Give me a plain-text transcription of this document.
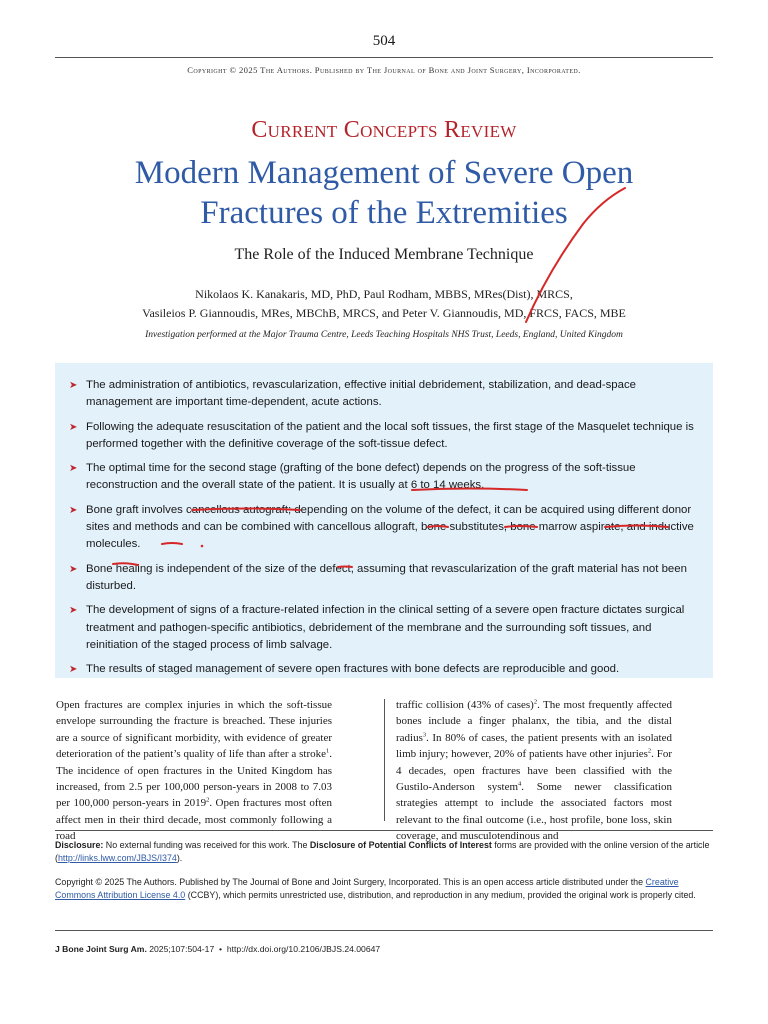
504
Copyright © 2025 The Authors. Published by The Journal of Bone and Joint Surgery, Incorporated.
Current Concepts Review
Modern Management of Severe Open
Fractures of the Extremities
The Role of the Induced Membrane Technique
Nikolaos K. Kanakaris, MD, PhD, Paul Rodham, MBBS, MRes(Dist), MRCS,
Vasileios P. Giannoudis, MRes, MBChB, MRCS, and Peter V. Giannoudis, MD, FRCS, FACS, MBE
Investigation performed at the Major Trauma Centre, Leeds Teaching Hospitals NHS Trust, Leeds, England, United Kingdom
➤ The administration of antibiotics, revascularization, effective initial debridement, stabilization, and dead-space management are important time-dependent, acute actions.
➤ Following the adequate resuscitation of the patient and the local soft tissues, the first stage of the Masquelet technique is performed together with the definitive coverage of the soft-tissue defect.
➤ The optimal time for the second stage (grafting of the bone defect) depends on the progress of the soft-tissue reconstruction and the overall state of the patient. It is usually at 6 to 14 weeks.
➤ Bone graft involves cancellous autograft; depending on the volume of the defect, it can be acquired using different donor sites and methods and can be combined with cancellous allograft, bone substitutes, bone marrow aspirate, and inductive molecules.
➤ Bone healing is independent of the size of the defect, assuming that revascularization of the graft material has not been disturbed.
➤ The development of signs of a fracture-related infection in the clinical setting of a severe open fracture dictates surgical treatment and pathogen-specific antibiotics, debridement of the membrane and the surrounding soft tissues, and reinitiation of the staged process of limb salvage.
➤ The results of staged management of severe open fractures with bone defects are reproducible and good.
Open fractures are complex injuries in which the soft-tissue envelope surrounding the fracture is breached. These injuries are a source of significant morbidity, with evidence of greater deterioration of the patient’s quality of life than after a stroke$^1$. The incidence of open fractures in the United Kingdom has increased, from 2.5 per 100,000 person-years in 2008 to 7.03 per 100,000 person-years in 2019$^2$. Open fractures most often affect men in their third decade, most commonly following a road
traffic collision (43% of cases)$^2$. The most frequently affected bones include a finger phalanx, the tibia, and the distal radius$^3$. In 80% of cases, the patient presents with an isolated limb injury; however, 20% of patients have other injuries$^2$. For 4 decades, open fractures have been classified with the Gustilo-Anderson system$^4$. Some newer classification strategies attempt to include the associated factors most relevant to the final outcome (i.e., host profile, bone loss, skin coverage, and musculotendinous and
Disclosure: No external funding was received for this work. The Disclosure of Potential Conflicts of Interest forms are provided with the online version of the article (http://links.lww.com/JBJS/I374).
Copyright © 2025 The Authors. Published by The Journal of Bone and Joint Surgery, Incorporated. This is an open access article distributed under the Creative Commons Attribution License 4.0 (CCBY), which permits unrestricted use, distribution, and reproduction in any medium, provided the original work is properly cited.
J Bone Joint Surg Am. 2025;107:504-17 • http://dx.doi.org/10.2106/JBJS.24.00647
